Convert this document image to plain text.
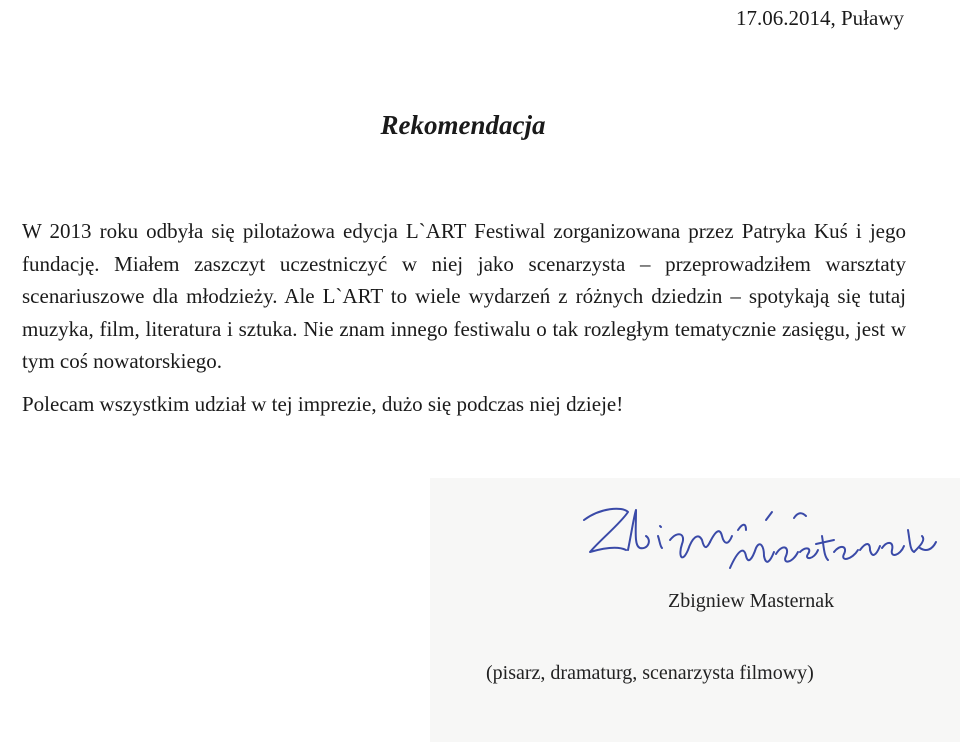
17.06.2014, Puławy
Rekomendacja

W 2013 roku odbyła się pilotażowa edycja L`ART Festiwal zorganizowana przez Patryka Kuś i jego fundację. Miałem zaszczyt uczestniczyć w niej jako scenarzysta – przeprowadziłem warsztaty scenariuszowe dla młodzieży. Ale L`ART to wiele wydarzeń z różnych dziedzin – spotykają się tutaj muzyka, film, literatura i sztuka. Nie znam innego festiwalu o tak rozległym tematycznie zasięgu, jest w tym coś nowatorskiego.

Polecam wszystkim udział w tej imprezie, dużo się podczas niej dzieje!

Zbigniew Masternak
(pisarz, dramaturg, scenarzysta filmowy)
